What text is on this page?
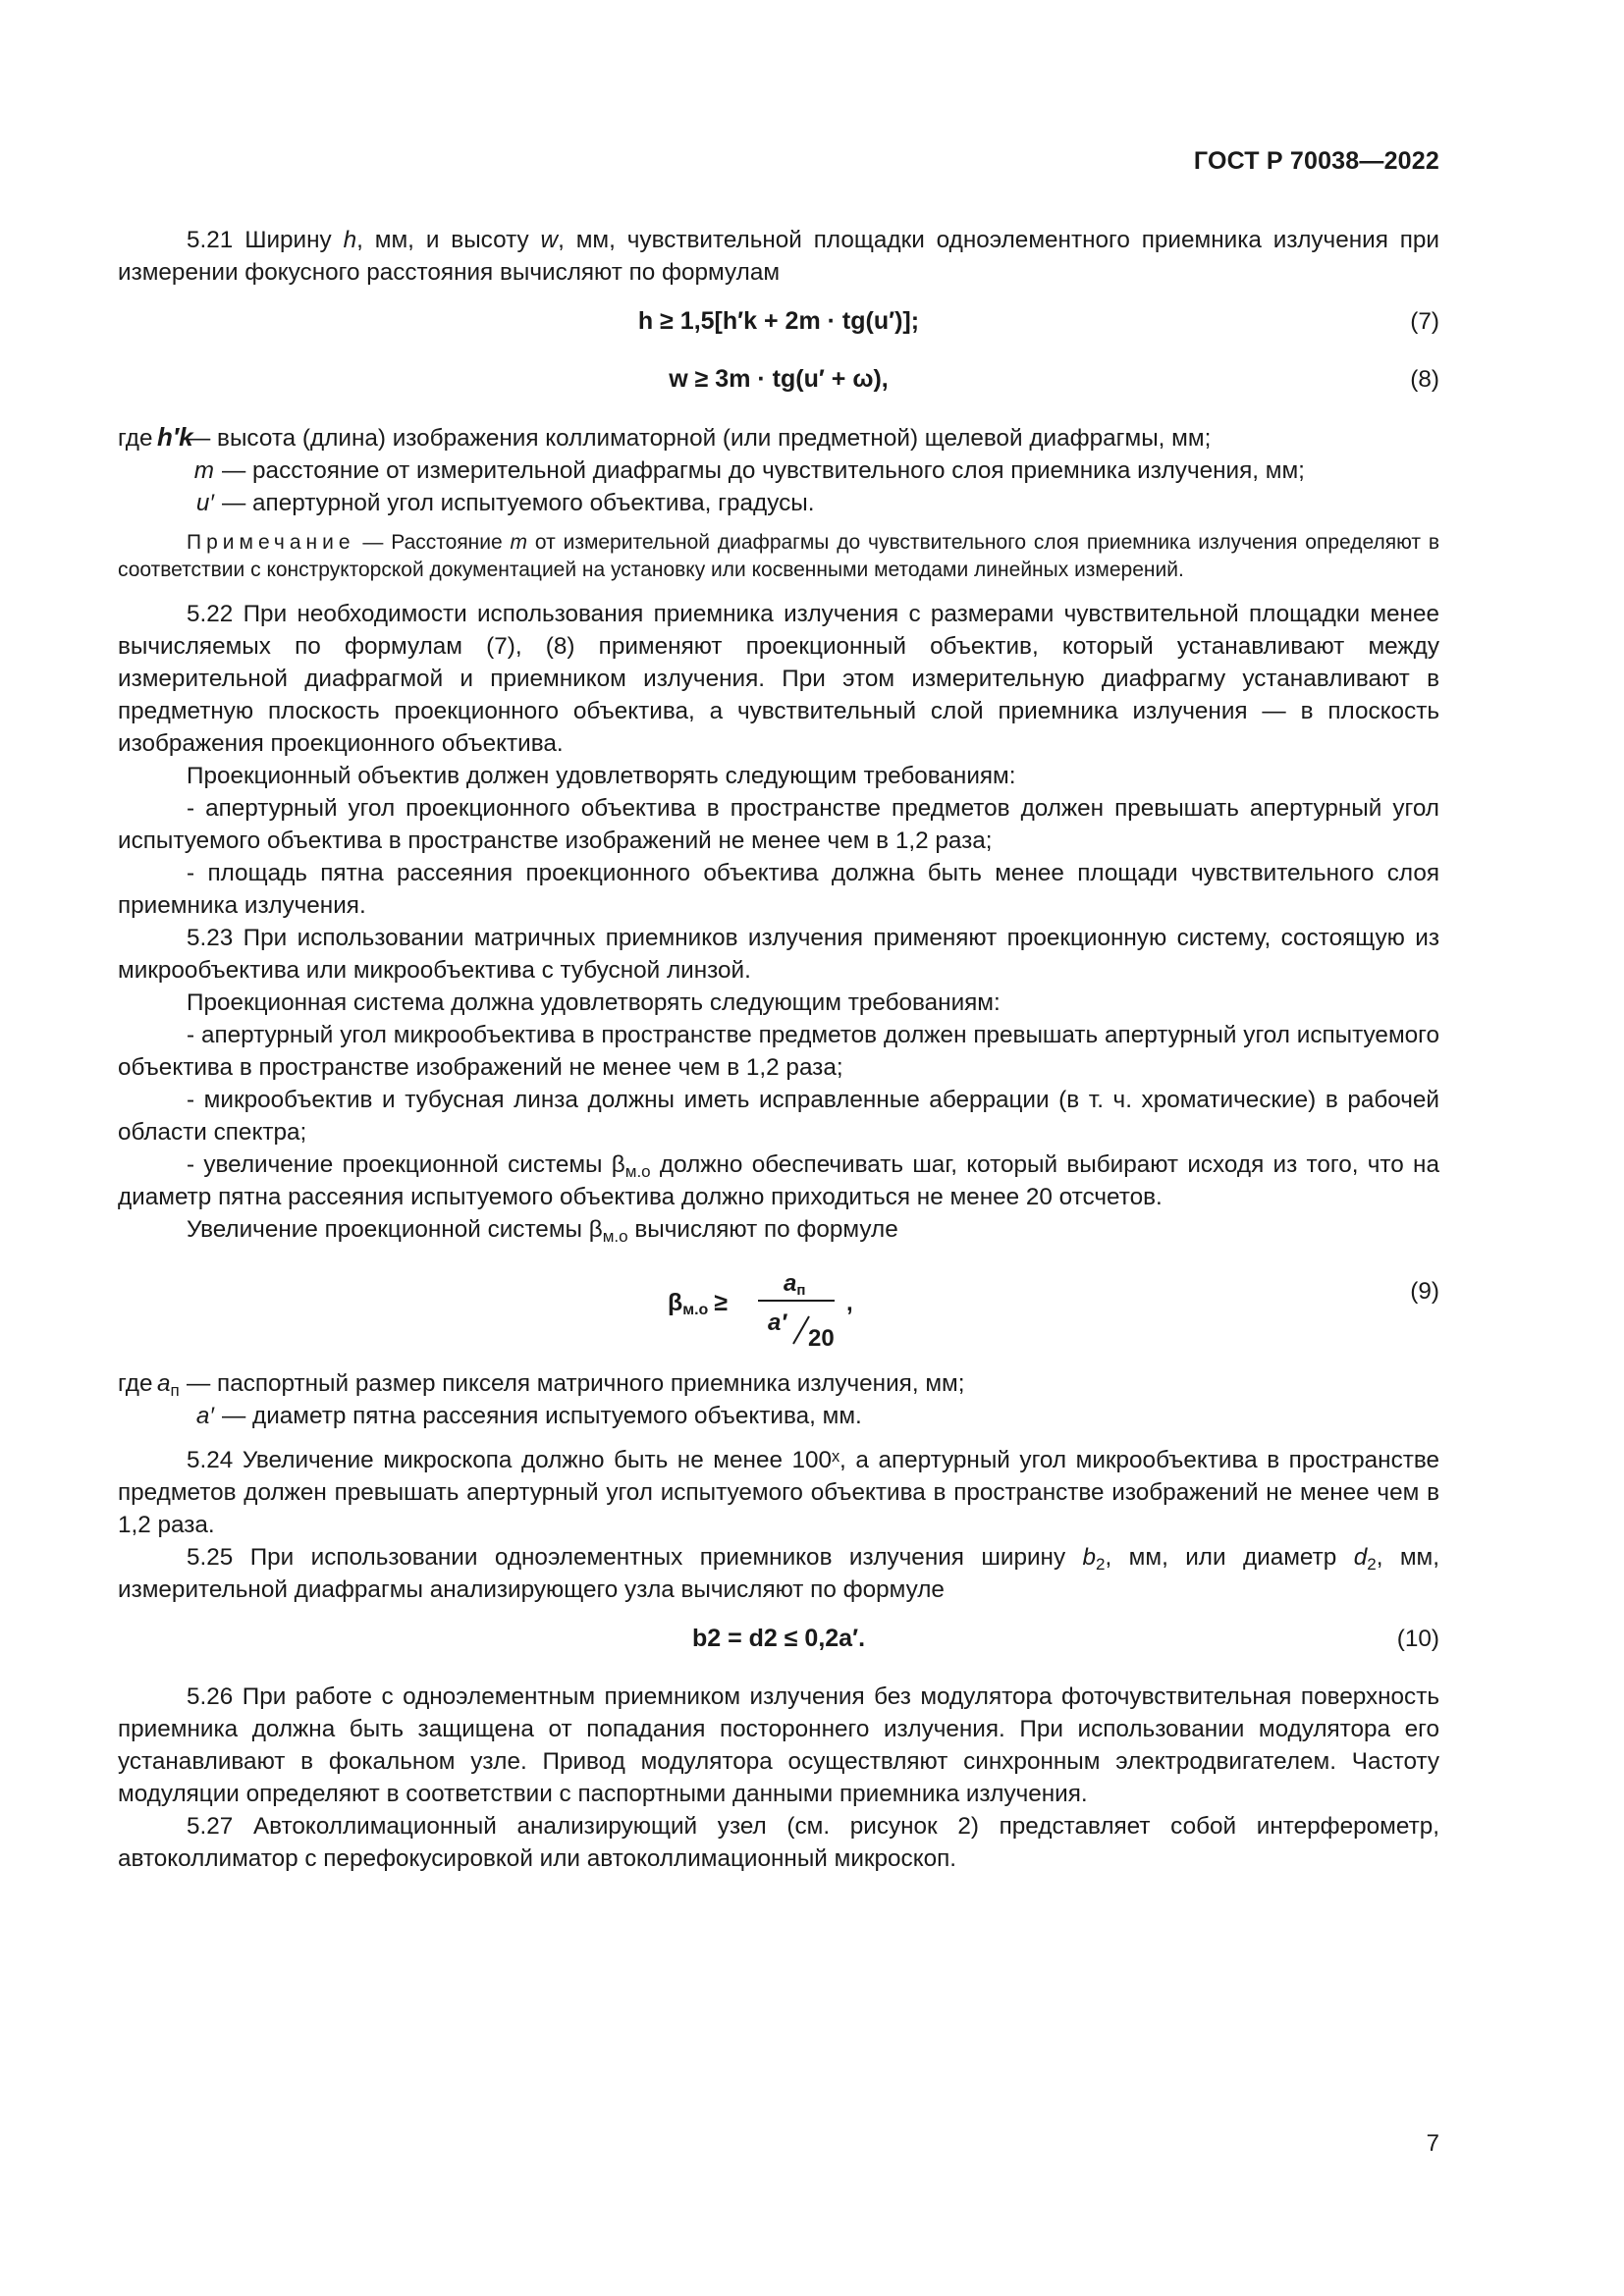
ГОСТ Р 70038—2022

5.21 Ширину h, мм, и высоту w, мм, чувствительной площадки одноэлементного приемника излучения при измерении фокусного расстояния вычисляют по формулам

h ≥ 1,5[h′k + 2m · tg(u′)];	(7)
w ≥ 3m · tg(u′ + ω),	(8)
где h′k
— высота (длина) изображения коллиматорной (или предметной) щелевой диафрагмы, мм;
m — расстояние от измерительной диафрагмы до чувствительного слоя приемника излучения, мм;
u′ — апертурной угол испытуемого объектива, градусы.

Примечание — Расстояние m от измерительной диафрагмы до чувствительного слоя приемника излучения определяют в соответствии с конструкторской документацией на установку или косвенными методами линейных измерений.

5.22 При необходимости использования приемника излучения с размерами чувствительной площадки менее вычисляемых по формулам (7), (8) применяют проекционный объектив, который устанавливают между измерительной диафрагмой и приемником излучения. При этом измерительную диафрагму устанавливают в предметную плоскость проекционного объектива, а чувствительный слой приемника излучения — в плоскость изображения проекционного объектива.

Проекционный объектив должен удовлетворять следующим требованиям:

- апертурный угол проекционного объектива в пространстве предметов должен превышать апертурный угол испытуемого объектива в пространстве изображений не менее чем в 1,2 раза;

- площадь пятна рассеяния проекционного объектива должна быть менее площади чувствительного слоя приемника излучения.

5.23 При использовании матричных приемников излучения применяют проекционную систему, состоящую из микрообъектива или микрообъектива с тубусной линзой.

Проекционная система должна удовлетворять следующим требованиям:

- апертурный угол микрообъектива в пространстве предметов должен превышать апертурный угол испытуемого объектива в пространстве изображений не менее чем в 1,2 раза;

- микрообъектив и тубусная линза должны иметь исправленные аберрации (в т. ч. хроматические) в рабочей области спектра;

- увеличение проекционной системы $\beta_{м.о}$ должно обеспечивать шаг, который выбирают исходя из того, что на диаметр пятна рассеяния испытуемого объектива должно приходиться не менее 20 отсчетов.

Увеличение проекционной системы $\beta_{м.о}$ вычисляют по формуле

βм.о ≥
aп
a′
20
,	(9)
где $a_п$ — паспортный размер пикселя матричного приемника излучения, мм;
a′ — диаметр пятна рассеяния испытуемого объектива, мм.

5.24 Увеличение микроскопа должно быть не менее 100ˣ, а апертурный угол микрообъектива в пространстве предметов должен превышать апертурный угол испытуемого объектива в пространстве изображений не менее чем в 1,2 раза.

5.25 При использовании одноэлементных приемников излучения ширину $b_2$, мм, или диаметр $d_2$, мм, измерительной диафрагмы анализирующего узла вычисляют по формуле

b2 = d2 ≤ 0,2a′.	(10)

5.26 При работе с одноэлементным приемником излучения без модулятора фоточувствительная поверхность приемника должна быть защищена от попадания постороннего излучения. При использовании модулятора его устанавливают в фокальном узле. Привод модулятора осуществляют синхронным электродвигателем. Частоту модуляции определяют в соответствии с паспортными данными приемника излучения.

5.27 Автоколлимационный анализирующий узел (см. рисунок 2) представляет собой интерферометр, автоколлиматор с перефокусировкой или автоколлимационный микроскоп.

7
